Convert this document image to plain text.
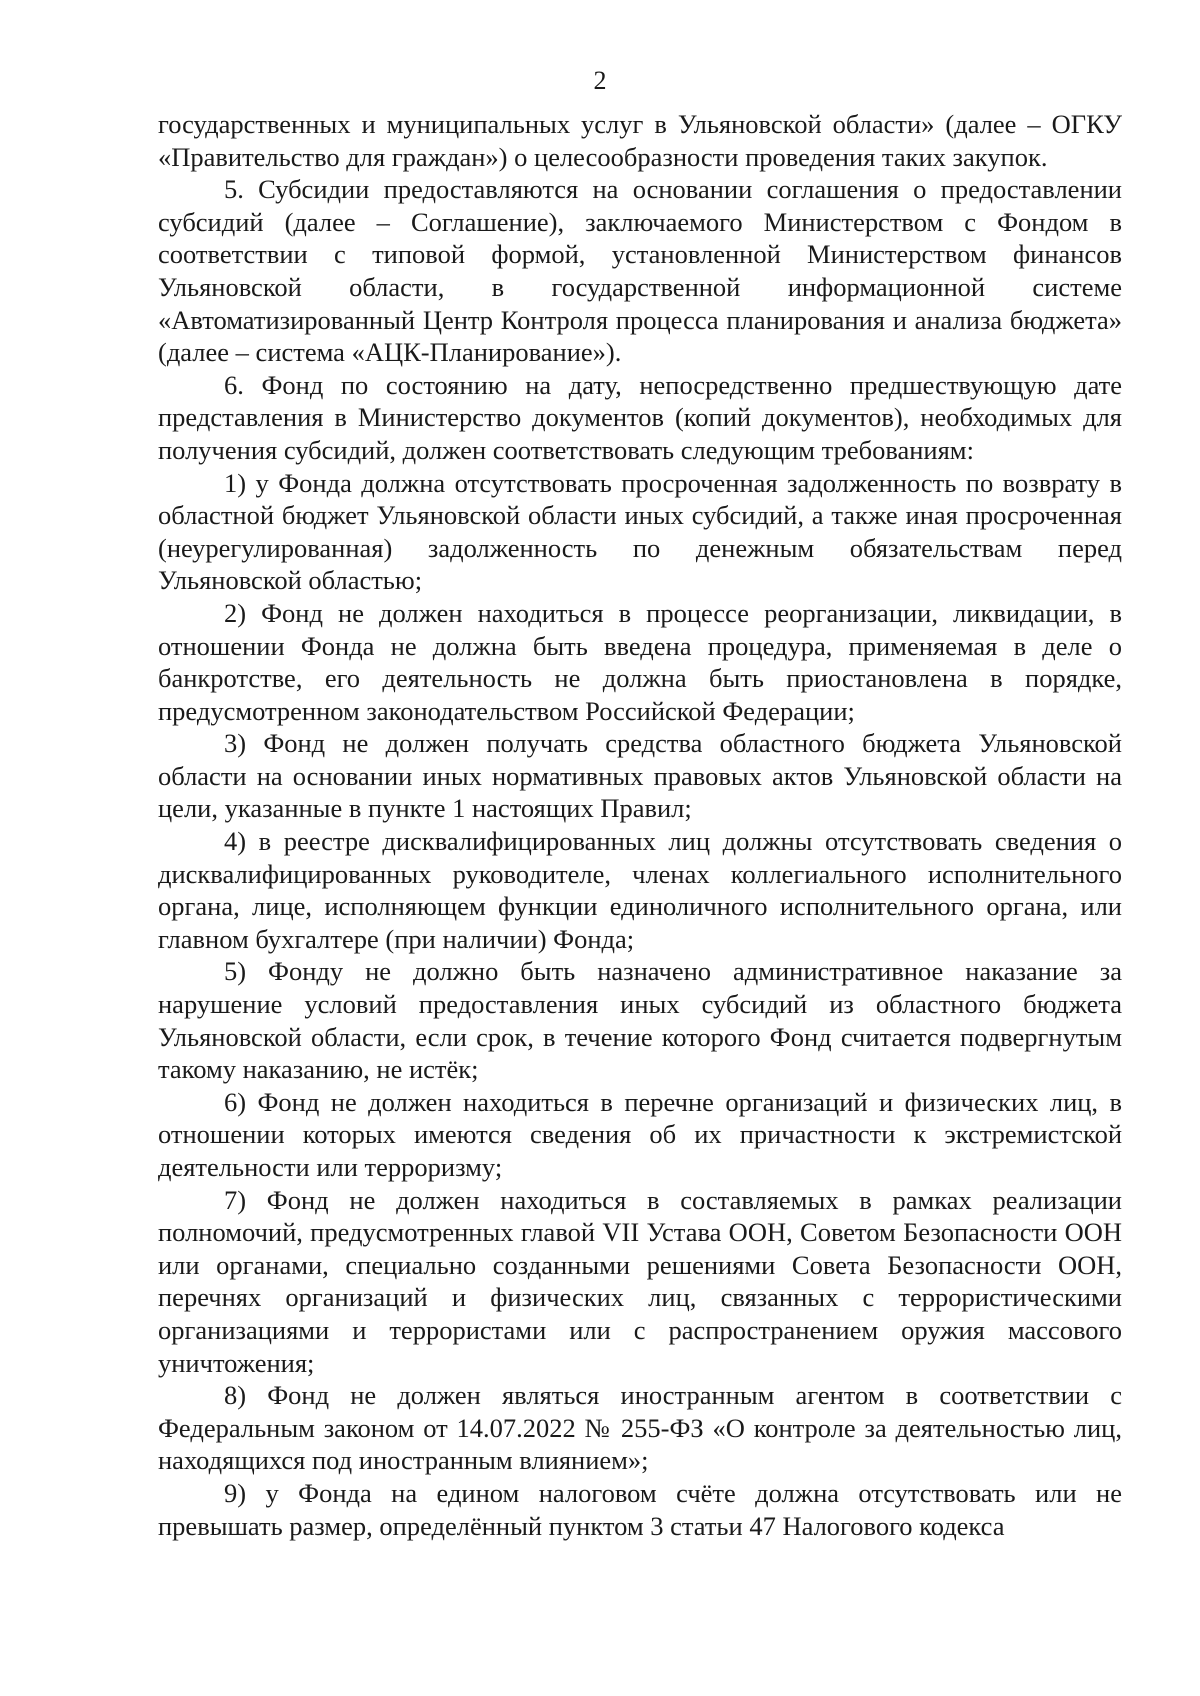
2

государственных и муниципальных услуг в Ульяновской области» (далее – ОГКУ «Правительство для граждан») о целесообразности проведения таких закупок.

5. Субсидии предоставляются на основании соглашения о предоставлении субсидий (далее – Соглашение), заключаемого Министерством с Фондом в соответствии с типовой формой, установленной Министерством финансов Ульяновской области, в государственной информационной системе «Автоматизированный Центр Контроля процесса планирования и анализа бюджета» (далее – система «АЦК-Планирование»).

6. Фонд по состоянию на дату, непосредственно предшествующую дате представления в Министерство документов (копий документов), необходимых для получения субсидий, должен соответствовать следующим требованиям:

1) у Фонда должна отсутствовать просроченная задолженность по возврату в областной бюджет Ульяновской области иных субсидий, а также иная просроченная (неурегулированная) задолженность по денежным обязательствам перед Ульяновской областью;

2) Фонд не должен находиться в процессе реорганизации, ликвидации, в отношении Фонда не должна быть введена процедура, применяемая в деле о банкротстве, его деятельность не должна быть приостановлена в порядке, предусмотренном законодательством Российской Федерации;

3) Фонд не должен получать средства областного бюджета Ульяновской области на основании иных нормативных правовых актов Ульяновской области на цели, указанные в пункте 1 настоящих Правил;

4) в реестре дисквалифицированных лиц должны отсутствовать сведения о дисквалифицированных руководителе, членах коллегиального исполнительного органа, лице, исполняющем функции единоличного исполнительного органа, или главном бухгалтере (при наличии) Фонда;

5) Фонду не должно быть назначено административное наказание за нарушение условий предоставления иных субсидий из областного бюджета Ульяновской области, если срок, в течение которого Фонд считается подвергнутым такому наказанию, не истёк;

6) Фонд не должен находиться в перечне организаций и физических лиц, в отношении которых имеются сведения об их причастности к экстремистской деятельности или терроризму;

7) Фонд не должен находиться в составляемых в рамках реализации полномочий, предусмотренных главой VII Устава ООН, Советом Безопасности ООН или органами, специально созданными решениями Совета Безопасности ООН, перечнях организаций и физических лиц, связанных с террористическими организациями и террористами или с распространением оружия массового уничтожения;

8) Фонд не должен являться иностранным агентом в соответствии с Федеральным законом от 14.07.2022 № 255-ФЗ «О контроле за деятельностью лиц, находящихся под иностранным влиянием»;

9) у Фонда на едином налоговом счёте должна отсутствовать или не превышать размер, определённый пунктом 3 статьи 47 Налогового кодекса
